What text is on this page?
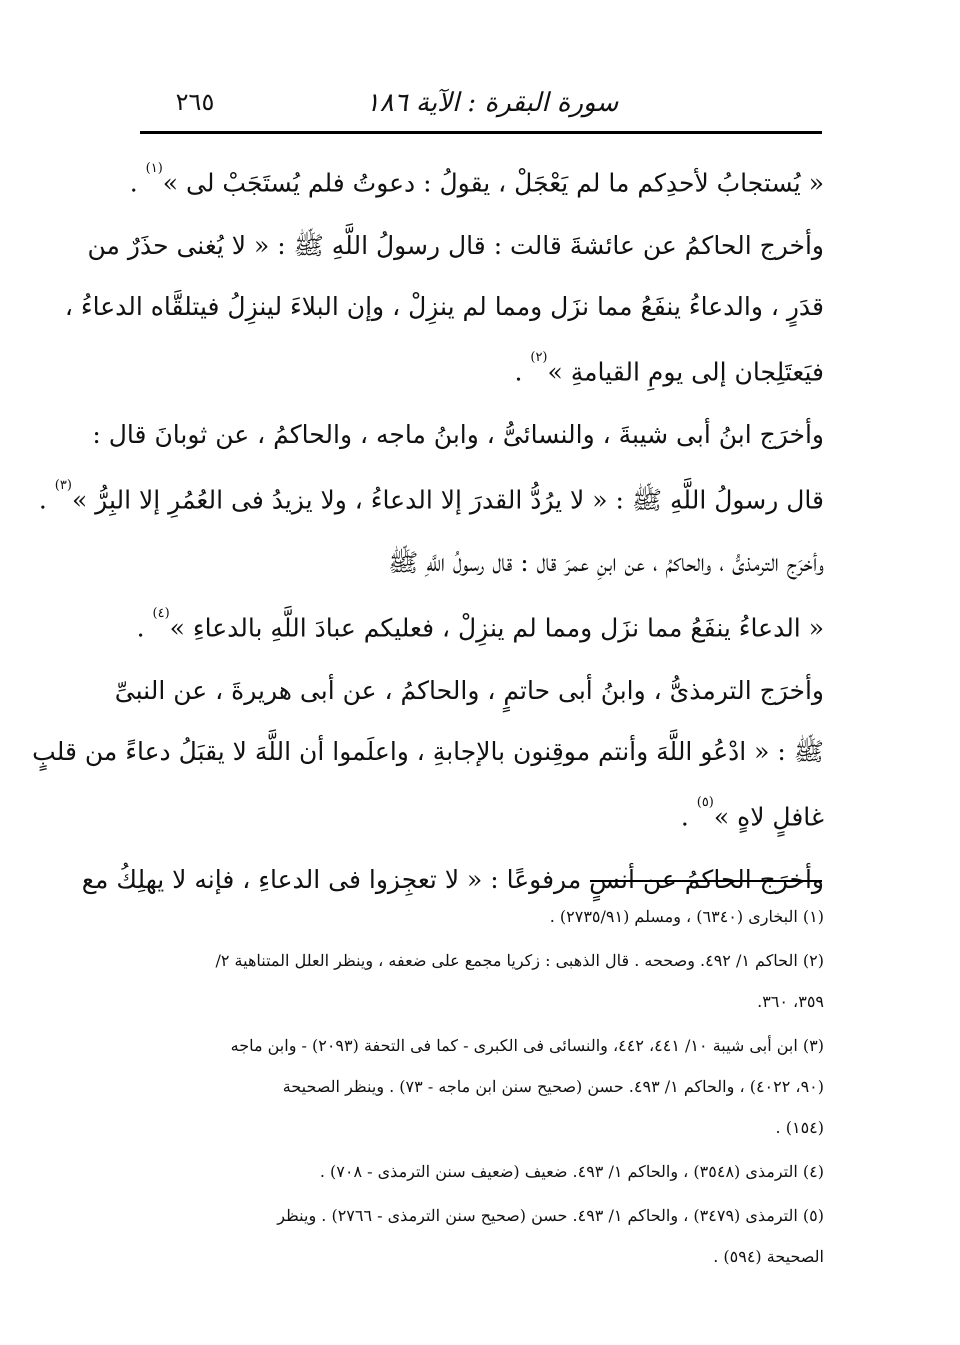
سورة البقرة : الآية ١٨٦
٢٦٥
« يُستجابُ لأحدِكم ما لم يَعْجَلْ ، يقولُ : دعوتُ فلم يُستَجَبْ لى »$^{(١)}$ .
وأخرج الحاكمُ عن عائشةَ قالت : قال رسولُ اللَّهِ ﷺ : « لا يُغنى حذَرٌ من
قدَرٍ ، والدعاءُ ينفَعُ مما نزَل ومما لم ينزِلْ ، وإن البلاءَ لينزِلُ فيتلقَّاه الدعاءُ ،
فيَعتَلِجان إلى يومِ القيامةِ »$^{(٢)}$ .
وأخرَج ابنُ أبى شيبةَ ، والنسائىُّ ، وابنُ ماجه ، والحاكمُ ، عن ثوبانَ قال :
قال رسولُ اللَّهِ ﷺ : « لا يرُدُّ القدرَ إلا الدعاءُ ، ولا يزيدُ فى العُمُرِ إلا البِرُّ »$^{(٣)}$ .
وأخرَج الترمذىُّ ، والحاكمُ ، عن ابنِ عمرَ قال : قال رسولُ اللَّهِ ﷺ
« الدعاءُ ينفَعُ مما نزَل ومما لم ينزِلْ ، فعليكم عبادَ اللَّهِ بالدعاءِ »$^{(٤)}$ .
وأخرَج الترمذىُّ ، وابنُ أبى حاتمٍ ، والحاكمُ ، عن أبى هريرةَ ، عن النبىِّ
ﷺ : « ادْعُو اللَّهَ وأنتم موقِنون بالإجابةِ ، واعلَموا أن اللَّهَ لا يقبَلُ دعاءً من قلبٍ
غافلٍ لاهٍ »$^{(٥)}$ .
وأخرَج الحاكمُ عن أنسٍ مرفوعًا : « لا تعجِزوا فى الدعاءِ ، فإنه لا يهلِكُ مع
(١) البخارى (٦٣٤٠) ، ومسلم (٢٧٣٥/٩١) .
(٢) الحاكم ١/ ٤٩٢. وصححه . قال الذهبى : زكريا مجمع على ضعفه ، وينظر العلل المتناهية ٢/
٣٥٩، ٣٦٠.
(٣) ابن أبى شيبة ١٠/ ٤٤١، ٤٤٢، والنسائى فى الكبرى - كما فى التحفة (٢٠٩٣) - وابن ماجه
(٩٠، ٤٠٢٢) ، والحاكم ١/ ٤٩٣. حسن (صحيح سنن ابن ماجه - ٧٣) . وينظر الصحيحة
(١٥٤) .
(٤) الترمذى (٣٥٤٨) ، والحاكم ١/ ٤٩٣. ضعيف (ضعيف سنن الترمذى - ٧٠٨) .
(٥) الترمذى (٣٤٧٩) ، والحاكم ١/ ٤٩٣. حسن (صحيح سنن الترمذى - ٢٧٦٦) . وينظر
الصحيحة (٥٩٤) .
